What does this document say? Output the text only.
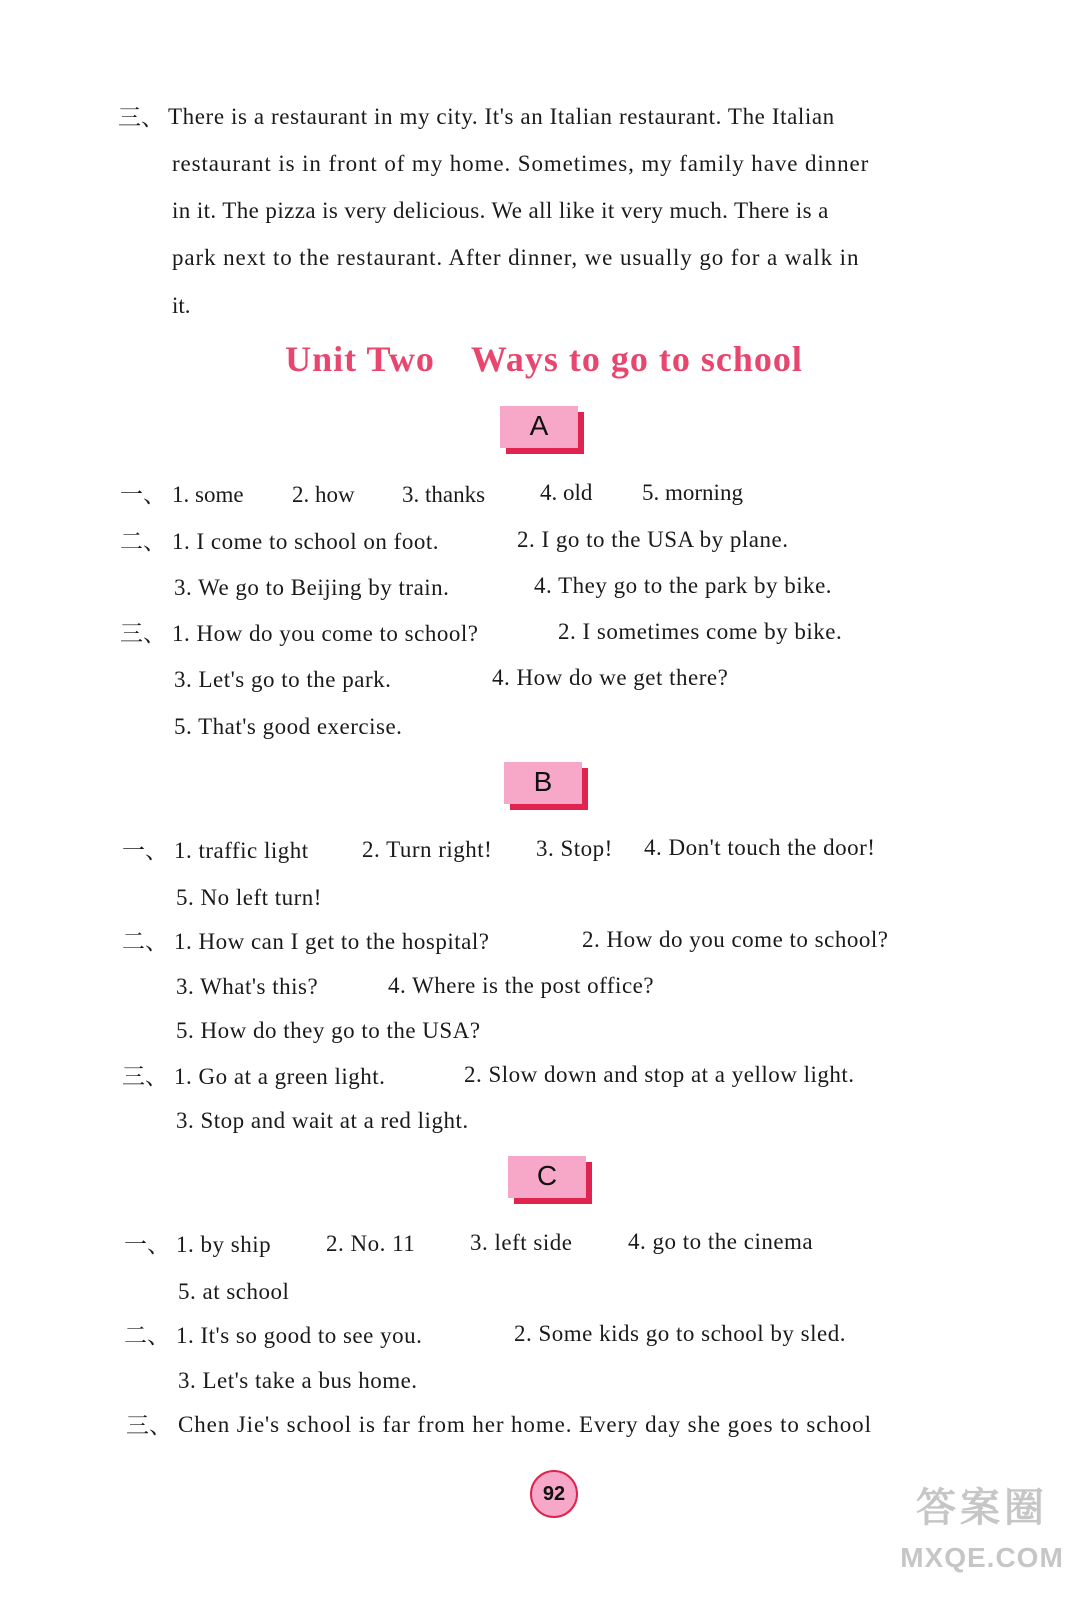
三、 There is a restaurant in my city. It's an Italian restaurant. The Italian
restaurant is in front of my home. Sometimes, my family have dinner
in it. The pizza is very delicious. We all like it very much. There is a
park next to the restaurant. After dinner, we usually go for a walk in
it.
Unit Two Ways to go to school
A
一、 1. some 2. how 3. thanks 4. old 5. morning
二、 1. I come to school on foot.	2. I go to the USA by plane.
3. We go to Beijing by train.	4. They go to the park by bike.
三、 1. How do you come to school?	2. I sometimes come by bike.
3. Let's go to the park.	4. How do we get there?
5. That's good exercise.
B
一、 1. traffic light 2. Turn right! 3. Stop! 4. Don't touch the door!
5. No left turn!
二、 1. How can I get to the hospital?	2. How do you come to school?
3. What's this?	4. Where is the post office?
5. How do they go to the USA?
三、 1. Go at a green light.	2. Slow down and stop at a yellow light.
3. Stop and wait at a red light.
C
一、 1. by ship 2. No. 11 3. left side 4. go to the cinema
5. at school
二、 1. It's so good to see you.	2. Some kids go to school by sled.
3. Let's take a bus home.
三、 Chen Jie's school is far from her home. Every day she goes to school
92	答案圈
MXQE.COM
